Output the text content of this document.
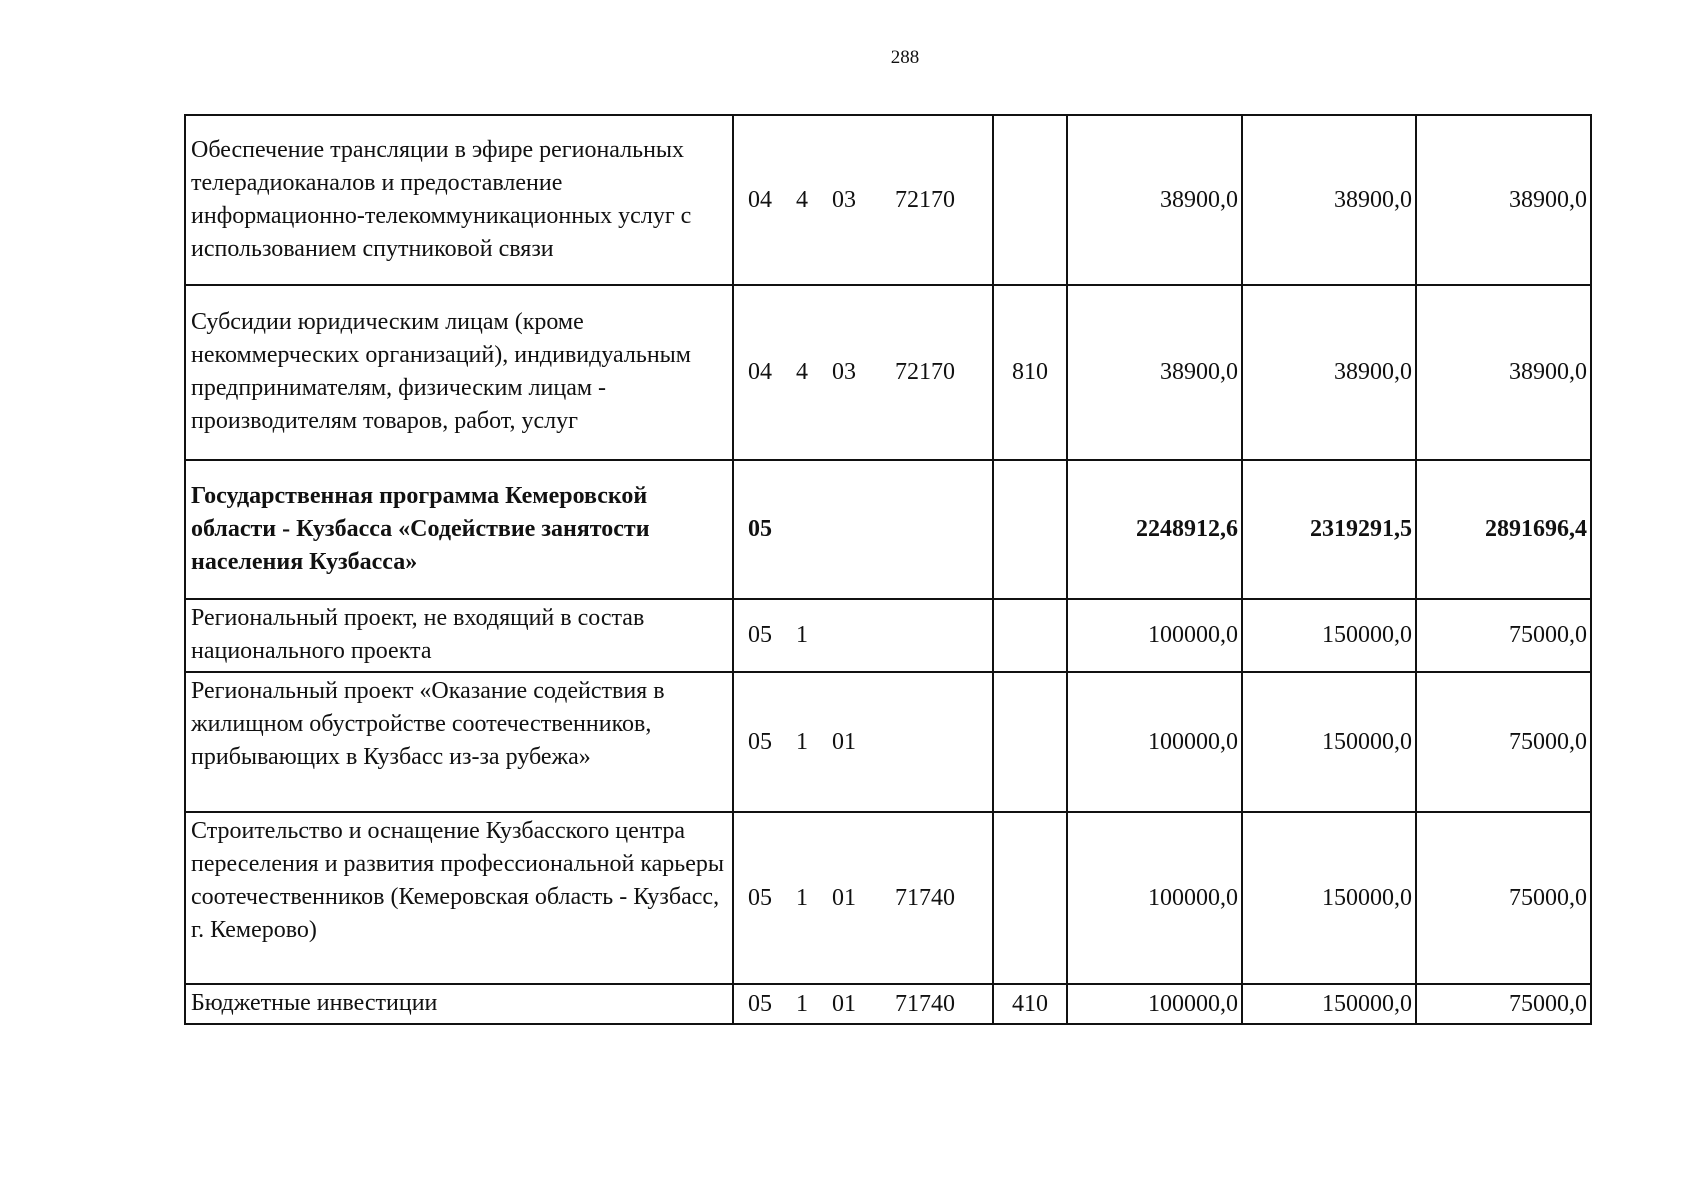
288
Обеспечение трансляции в эфире региональных телерадиоканалов и предоставление информационно-телекоммуникационных услуг с использованием спутниковой связи	04 4 03 72170		38900,0	38900,0	38900,0
Субсидии юридическим лицам (кроме некоммерческих организаций), индивидуальным предпринимателям, физическим лицам - производителям товаров, работ, услуг	04 4 03 72170	810	38900,0	38900,0	38900,0
Государственная программа Кемеровской области - Кузбасса «Содействие занятости населения Кузбасса»	05		2248912,6	2319291,5	2891696,4
Региональный проект, не входящий в состав национального проекта	05 1		100000,0	150000,0	75000,0
Региональный проект «Оказание содействия в жилищном обустройстве соотечественников, прибывающих в Кузбасс из-за рубежа»	05 1 01		100000,0	150000,0	75000,0
Строительство и оснащение Кузбасского центра переселения и развития профессиональной карьеры соотечественников (Кемеровская область - Кузбасс, г. Кемерово)	05 1 01 71740		100000,0	150000,0	75000,0
Бюджетные инвестиции	05 1 01 71740	410	100000,0	150000,0	75000,0
